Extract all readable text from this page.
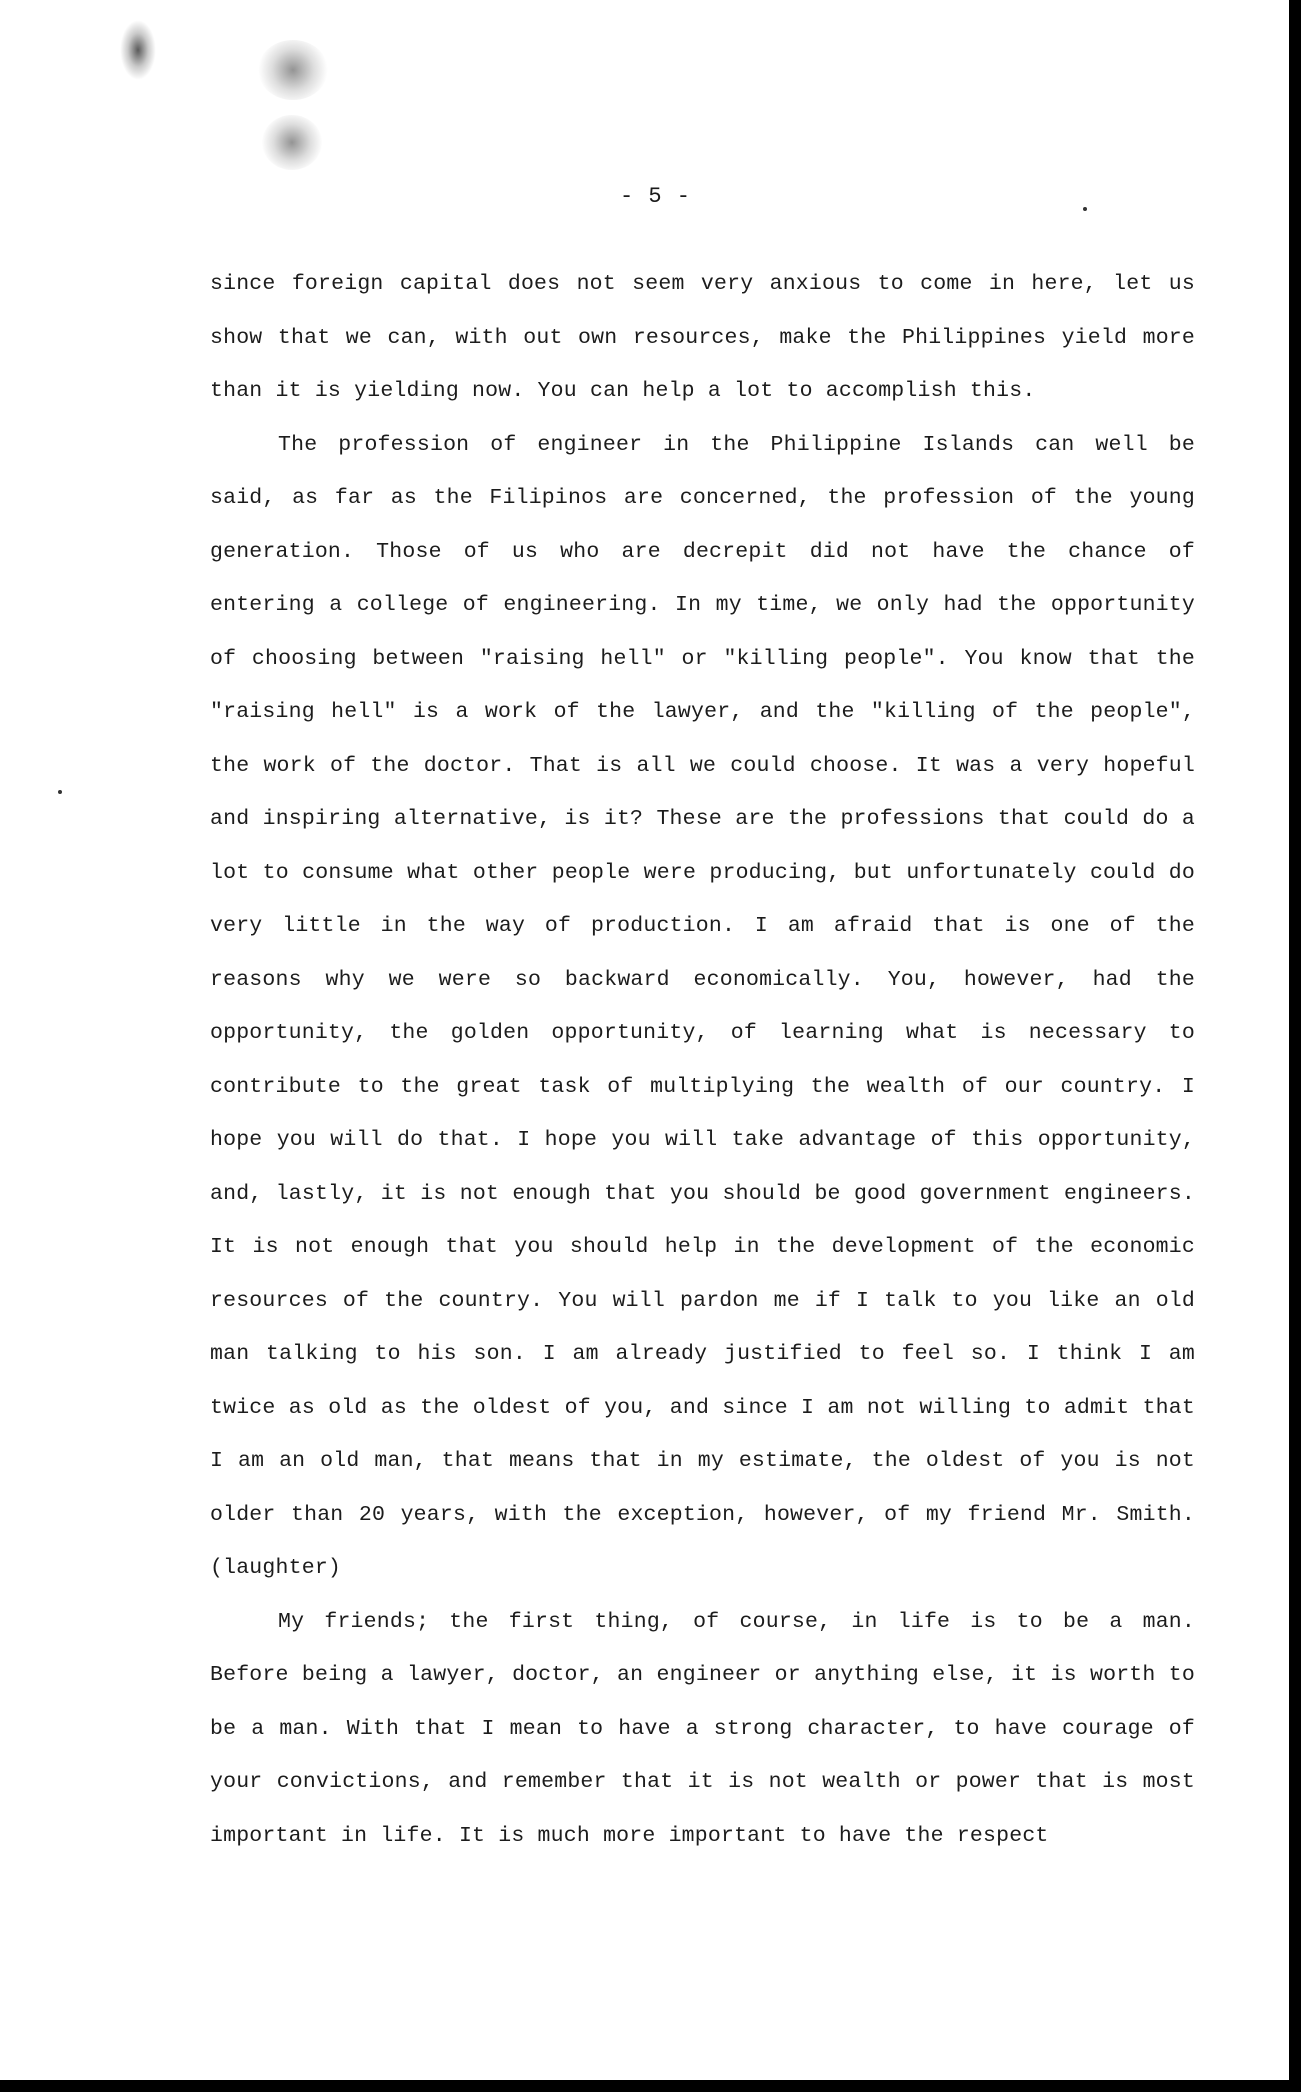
- 5 -

since foreign capital does not seem very anxious to come in here, let us show that we can, with out own resources, make the Philippines yield more than it is yielding now. You can help a lot to accomplish this.

The profession of engineer in the Philippine Islands can well be said, as far as the Filipinos are concerned, the profession of the young generation. Those of us who are decrepit did not have the chance of entering a college of engineering. In my time, we only had the opportunity of choosing between "raising hell" or "killing people". You know that the "raising hell" is a work of the lawyer, and the "killing of the people", the work of the doctor. That is all we could choose. It was a very hopeful and inspiring alternative, is it? These are the professions that could do a lot to consume what other people were producing, but unfortunately could do very little in the way of production. I am afraid that is one of the reasons why we were so backward economically. You, however, had the opportunity, the golden opportunity, of learning what is necessary to contribute to the great task of multiplying the wealth of our country. I hope you will do that. I hope you will take advantage of this opportunity, and, lastly, it is not enough that you should be good government engineers. It is not enough that you should help in the development of the economic resources of the country. You will pardon me if I talk to you like an old man talking to his son. I am already justified to feel so. I think I am twice as old as the oldest of you, and since I am not willing to admit that I am an old man, that means that in my estimate, the oldest of you is not older than 20 years, with the exception, however, of my friend Mr. Smith. (laughter)

My friends; the first thing, of course, in life is to be a man. Before being a lawyer, doctor, an engineer or anything else, it is worth to be a man. With that I mean to have a strong character, to have courage of your convictions, and remember that it is not wealth or power that is most important in life. It is much more important to have the respect
